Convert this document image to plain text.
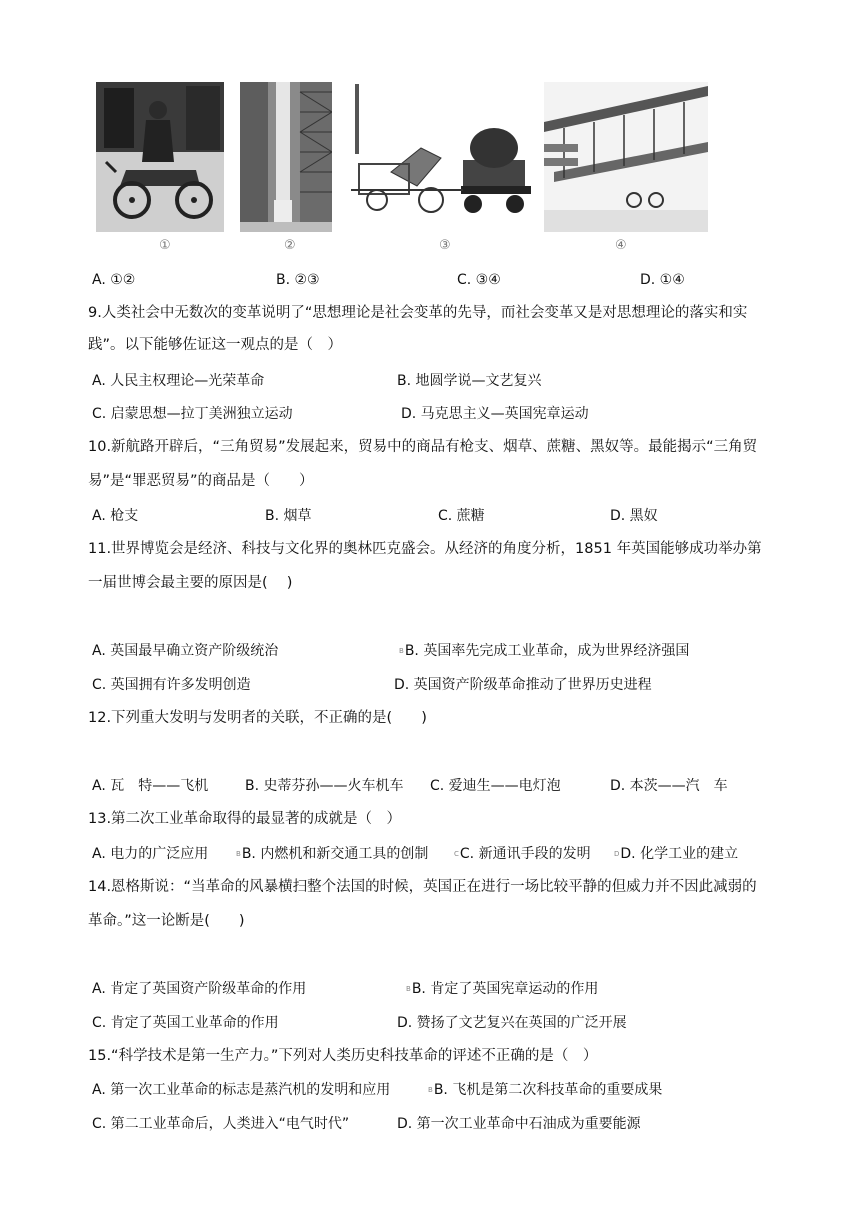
①	②	③	④
A. ①②	B. ②③	C. ③④	D. ①④
9.人类社会中无数次的变革说明了“思想理论是社会变革的先导，而社会变革又是对思想理论的落实和实
践”。以下能够佐证这一观点的是（　）
A. 人民主权理论—光荣革命	B. 地圆学说—文艺复兴
C. 启蒙思想—拉丁美洲独立运动	D. 马克思主义—英国宪章运动
10.新航路开辟后，“三角贸易”发展起来，贸易中的商品有枪支、烟草、蔗糖、黑奴等。最能揭示“三角贸
易”是“罪恶贸易”的商品是（　　）
A. 枪支	B. 烟草	C. 蔗糖	D. 黑奴
11.世界博览会是经济、科技与文化界的奥林匹克盛会。从经济的角度分析，1851 年英国能够成功举办第
一届世博会最主要的原因是(　 )
A. 英国最早确立资产阶级统治	BB. 英国率先完成工业革命，成为世界经济强国
C. 英国拥有许多发明创造	D. 英国资产阶级革命推动了世界历史进程
12.下列重大发明与发明者的关联，不正确的是(　　)
A. 瓦　特——飞机	B. 史蒂芬孙——火车机车 C. 爱迪生——电灯泡	D. 本茨——汽　车
13.第二次工业革命取得的最显著的成就是（　）
A. 电力的广泛应用	BB. 内燃机和新交通工具的创制	CC. 新通讯手段的发明	DD. 化学工业的建立
14.恩格斯说：“当革命的风暴横扫整个法国的时候，英国正在进行一场比较平静的但威力并不因此减弱的
革命。”这一论断是(　　)
A. 肯定了英国资产阶级革命的作用	BB. 肯定了英国宪章运动的作用
C. 肯定了英国工业革命的作用	D. 赞扬了文艺复兴在英国的广泛开展
15.“科学技术是第一生产力。”下列对人类历史科技革命的评述不正确的是（　）
A. 第一次工业革命的标志是蒸汽机的发明和应用	BB. 飞机是第二次科技革命的重要成果
C. 第二工业革命后，人类进入“电气时代”	D. 第一次工业革命中石油成为重要能源
